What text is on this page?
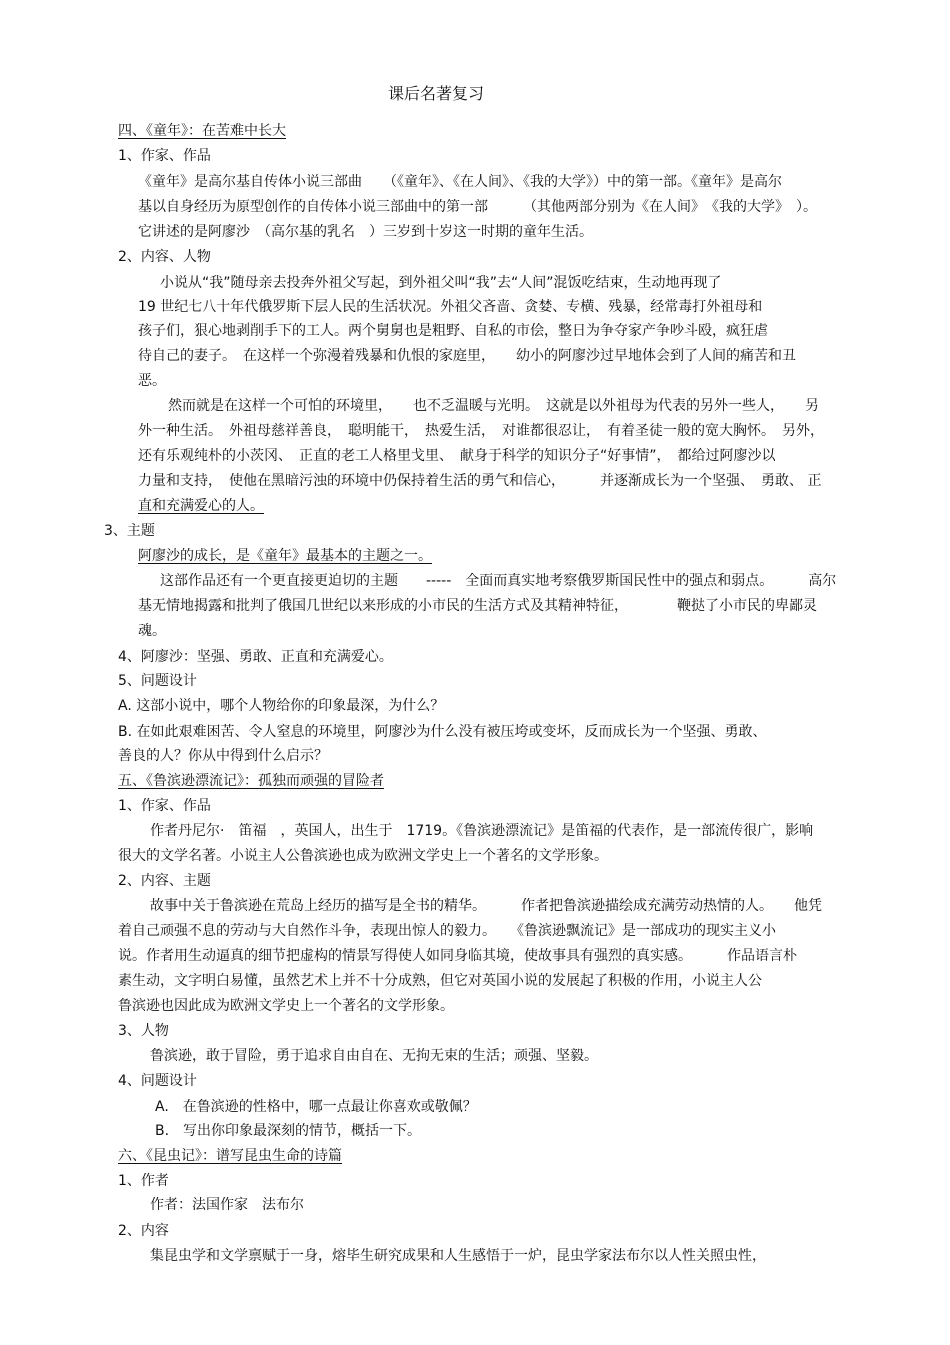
课后名著复习
四、《童年》：在苦难中长大
1、作家、作品
《童年》是高尔基自传体小说三部曲　　（《童年》、《在人间》、《我的大学》）中的第一部。《童年》是高尔
基以自身经历为原型创作的自传体小说三部曲中的第一部　　　（其他两部分别为《在人间》　《我的大学》　）。
它讲述的是阿廖沙　（高尔基的乳名　）三岁到十岁这一时期的童年生活。
2、内容、人物
小说从“我”随母亲去投奔外祖父写起，到外祖父叫“我”去“人间”混饭吃结束，生动地再现了
19 世纪七八十年代俄罗斯下层人民的生活状况。外祖父吝啬、贪婪、专横、残暴，经常毒打外祖母和
孩子们，狠心地剥削手下的工人。两个舅舅也是粗野、自私的市侩，整日为争夺家产争吵斗殴，疯狂虐
待自己的妻子。　在这样一个弥漫着残暴和仇恨的家庭里，　　幼小的阿廖沙过早地体会到了人间的痛苦和丑
恶。
然而就是在这样一个可怕的环境里，　　也不乏温暖与光明。　这就是以外祖母为代表的另外一些人，　　另
外一种生活。　外祖母慈祥善良，　聪明能干，　热爱生活，　对谁都很忍让，　有着圣徒一般的宽大胸怀。　另外，
还有乐观纯朴的小茨冈、　正直的老工人格里戈里、　献身于科学的知识分子“好事情”，　都给过阿廖沙以
力量和支持，　使他在黑暗污浊的环境中仍保持着生活的勇气和信心，　　　并逐渐成长为一个坚强、　勇敢、 正
直和充满爱心的人。
3、主题
阿廖沙的成长，是《童年》最基本的主题之一。
这部作品还有一个更直接更迫切的主题　　-----　全面而真实地考察俄罗斯国民性中的强点和弱点。　　　高尔
基无情地揭露和批判了俄国几世纪以来形成的小市民的生活方式及其精神特征，　　　　鞭挞了小市民的卑鄙灵
魂。
4、阿廖沙：坚强、勇敢、正直和充满爱心。
5、问题设计
A. 这部小说中，哪个人物给你的印象最深，为什么？
B. 在如此艰难困苦、令人窒息的环境里，阿廖沙为什么没有被压垮或变坏，反而成长为一个坚强、勇敢、
善良的人？你从中得到什么启示？
五、《鲁滨逊漂流记》：孤独而顽强的冒险者
1、作家、作品
作者丹尼尔·　笛福　，英国人，出生于　1719。《鲁滨逊漂流记》是笛福的代表作，是一部流传很广，影响
很大的文学名著。小说主人公鲁滨逊也成为欧洲文学史上一个著名的文学形象。
2、内容、主题
故事中关于鲁滨逊在荒岛上经历的描写是全书的精华。　　　作者把鲁滨逊描绘成充满劳动热情的人。　　他凭
着自己顽强不息的劳动与大自然作斗争，表现出惊人的毅力。　　《鲁滨逊飘流记》是一部成功的现实主义小
说。作者用生动逼真的细节把虚构的情景写得使人如同身临其境，使故事具有强烈的真实感。　　　作品语言朴
素生动，文字明白易懂，虽然艺术上并不十分成熟，但它对英国小说的发展起了积极的作用，小说主人公
鲁滨逊也因此成为欧洲文学史上一个著名的文学形象。
3、人物
鲁滨逊，敢于冒险，勇于追求自由自在、无拘无束的生活；顽强、坚毅。
4、问题设计
A.　在鲁滨逊的性格中，哪一点最让你喜欢或敬佩？
B.　写出你印象最深刻的情节，概括一下。
六、《昆虫记》：谱写昆虫生命的诗篇
1、作者
作者：法国作家　法布尔
2、内容
集昆虫学和文学禀赋于一身，熔毕生研究成果和人生感悟于一炉，昆虫学家法布尔以人性关照虫性，
